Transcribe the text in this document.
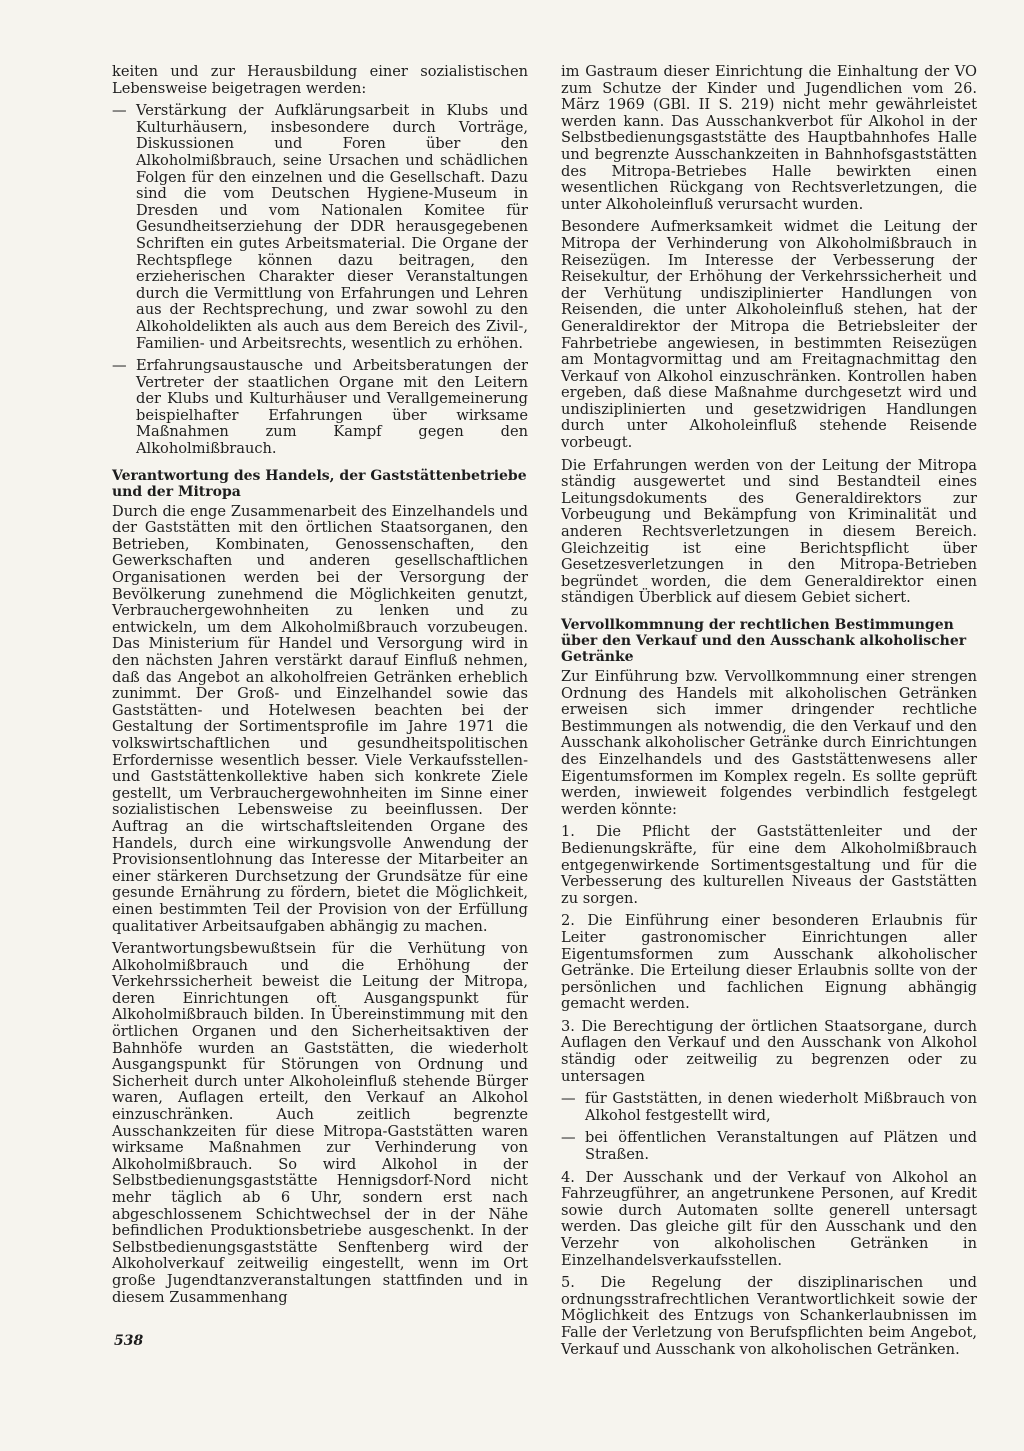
keiten und zur Herausbildung einer sozialistischen Lebensweise beigetragen werden:

— Verstärkung der Aufklärungsarbeit in Klubs und Kulturhäusern, insbesondere durch Vorträge, Diskussionen und Foren über den Alkoholmißbrauch, seine Ursachen und schädlichen Folgen für den einzelnen und die Gesellschaft. Dazu sind die vom Deutschen Hygiene-Museum in Dresden und vom Nationalen Komitee für Gesundheitserziehung der DDR herausgegebenen Schriften ein gutes Arbeitsmaterial. Die Organe der Rechtspflege können dazu beitragen, den erzieherischen Charakter dieser Veranstaltungen durch die Vermittlung von Erfahrungen und Lehren aus der Rechtsprechung, und zwar sowohl zu den Alkoholdelikten als auch aus dem Bereich des Zivil-, Familien- und Arbeitsrechts, wesentlich zu erhöhen.
— Erfahrungsaustausche und Arbeitsberatungen der Vertreter der staatlichen Organe mit den Leitern der Klubs und Kulturhäuser und Verallgemeinerung beispielhafter Erfahrungen über wirksame Maßnahmen zum Kampf gegen den Alkoholmißbrauch.
Verantwortung des Handels, der Gaststättenbetriebe und der Mitropa

Durch die enge Zusammenarbeit des Einzelhandels und der Gaststätten mit den örtlichen Staatsorganen, den Betrieben, Kombinaten, Genossenschaften, den Gewerkschaften und anderen gesellschaftlichen Organisationen werden bei der Versorgung der Bevölkerung zunehmend die Möglichkeiten genutzt, Verbrauchergewohnheiten zu lenken und zu entwickeln, um dem Alkoholmißbrauch vorzubeugen. Das Ministerium für Handel und Versorgung wird in den nächsten Jahren verstärkt darauf Einfluß nehmen, daß das Angebot an alkoholfreien Getränken erheblich zunimmt. Der Groß- und Einzelhandel sowie das Gaststätten- und Hotelwesen beachten bei der Gestaltung der Sortimentsprofile im Jahre 1971 die volkswirtschaftlichen und gesundheitspolitischen Erfordernisse wesentlich besser. Viele Verkaufsstellen- und Gaststättenkollektive haben sich konkrete Ziele gestellt, um Verbrauchergewohnheiten im Sinne einer sozialistischen Lebensweise zu beeinflussen. Der Auftrag an die wirtschaftsleitenden Organe des Handels, durch eine wirkungsvolle Anwendung der Provisionsentlohnung das Interesse der Mitarbeiter an einer stärkeren Durchsetzung der Grundsätze für eine gesunde Ernährung zu fördern, bietet die Möglichkeit, einen bestimmten Teil der Provision von der Erfüllung qualitativer Arbeitsaufgaben abhängig zu machen.

Verantwortungsbewußtsein für die Verhütung von Alkoholmißbrauch und die Erhöhung der Verkehrssicherheit beweist die Leitung der Mitropa, deren Einrichtungen oft Ausgangspunkt für Alkoholmißbrauch bilden. In Übereinstimmung mit den örtlichen Organen und den Sicherheitsaktiven der Bahnhöfe wurden an Gaststätten, die wiederholt Ausgangspunkt für Störungen von Ordnung und Sicherheit durch unter Alkoholeinfluß stehende Bürger waren, Auflagen erteilt, den Verkauf an Alkohol einzuschränken. Auch zeitlich begrenzte Ausschankzeiten für diese Mitropa-Gaststätten waren wirksame Maßnahmen zur Verhinderung von Alkoholmißbrauch. So wird Alkohol in der Selbstbedienungsgaststätte Hennigsdorf-Nord nicht mehr täglich ab 6 Uhr, sondern erst nach abgeschlossenem Schichtwechsel der in der Nähe befindlichen Produktionsbetriebe ausgeschenkt. In der Selbstbedienungsgaststätte Senftenberg wird der Alkoholverkauf zeitweilig eingestellt, wenn im Ort große Jugendtanzveranstaltungen stattfinden und in diesem Zusammenhang

im Gastraum dieser Einrichtung die Einhaltung der VO zum Schutze der Kinder und Jugendlichen vom 26. März 1969 (GBl. II S. 219) nicht mehr gewährleistet werden kann. Das Ausschankverbot für Alkohol in der Selbstbedienungsgaststätte des Hauptbahnhofes Halle und begrenzte Ausschankzeiten in Bahnhofsgaststätten des Mitropa-Betriebes Halle bewirkten einen wesentlichen Rückgang von Rechtsverletzungen, die unter Alkoholeinfluß verursacht wurden.

Besondere Aufmerksamkeit widmet die Leitung der Mitropa der Verhinderung von Alkoholmißbrauch in Reisezügen. Im Interesse der Verbesserung der Reisekultur, der Erhöhung der Verkehrssicherheit und der Verhütung undisziplinierter Handlungen von Reisenden, die unter Alkoholeinfluß stehen, hat der Generaldirektor der Mitropa die Betriebsleiter der Fahrbetriebe angewiesen, in bestimmten Reisezügen am Montagvormittag und am Freitagnachmittag den Verkauf von Alkohol einzuschränken. Kontrollen haben ergeben, daß diese Maßnahme durchgesetzt wird und undisziplinierten und gesetzwidrigen Handlungen durch unter Alkoholeinfluß stehende Reisende vorbeugt.

Die Erfahrungen werden von der Leitung der Mitropa ständig ausgewertet und sind Bestandteil eines Leitungsdokuments des Generaldirektors zur Vorbeugung und Bekämpfung von Kriminalität und anderen Rechtsverletzungen in diesem Bereich. Gleichzeitig ist eine Berichtspflicht über Gesetzesverletzungen in den Mitropa-Betrieben begründet worden, die dem Generaldirektor einen ständigen Überblick auf diesem Gebiet sichert.

Vervollkommnung der rechtlichen Bestimmungen über den Verkauf und den Ausschank alkoholischer Getränke

Zur Einführung bzw. Vervollkommnung einer strengen Ordnung des Handels mit alkoholischen Getränken erweisen sich immer dringender rechtliche Bestimmungen als notwendig, die den Verkauf und den Ausschank alkoholischer Getränke durch Einrichtungen des Einzelhandels und des Gaststättenwesens aller Eigentumsformen im Komplex regeln. Es sollte geprüft werden, inwieweit folgendes verbindlich festgelegt werden könnte:

1. Die Pflicht der Gaststättenleiter und der Bedienungskräfte, für eine dem Alkoholmißbrauch entgegenwirkende Sortimentsgestaltung und für die Verbesserung des kulturellen Niveaus der Gaststätten zu sorgen.
2. Die Einführung einer besonderen Erlaubnis für Leiter gastronomischer Einrichtungen aller Eigentumsformen zum Ausschank alkoholischer Getränke. Die Erteilung dieser Erlaubnis sollte von der persönlichen und fachlichen Eignung abhängig gemacht werden.
3. Die Berechtigung der örtlichen Staatsorgane, durch Auflagen den Verkauf und den Ausschank von Alkohol ständig oder zeitweilig zu begrenzen oder zu untersagen
— für Gaststätten, in denen wiederholt Mißbrauch von Alkohol festgestellt wird,
— bei öffentlichen Veranstaltungen auf Plätzen und Straßen.
4. Der Ausschank und der Verkauf von Alkohol an Fahrzeugführer, an angetrunkene Personen, auf Kredit sowie durch Automaten sollte generell untersagt werden. Das gleiche gilt für den Ausschank und den Verzehr von alkoholischen Getränken in Einzelhandelsverkaufsstellen.
5. Die Regelung der disziplinarischen und ordnungsstrafrechtlichen Verantwortlichkeit sowie der Möglichkeit des Entzugs von Schankerlaubnissen im Falle der Verletzung von Berufspflichten beim Angebot, Verkauf und Ausschank von alkoholischen Getränken.
538
